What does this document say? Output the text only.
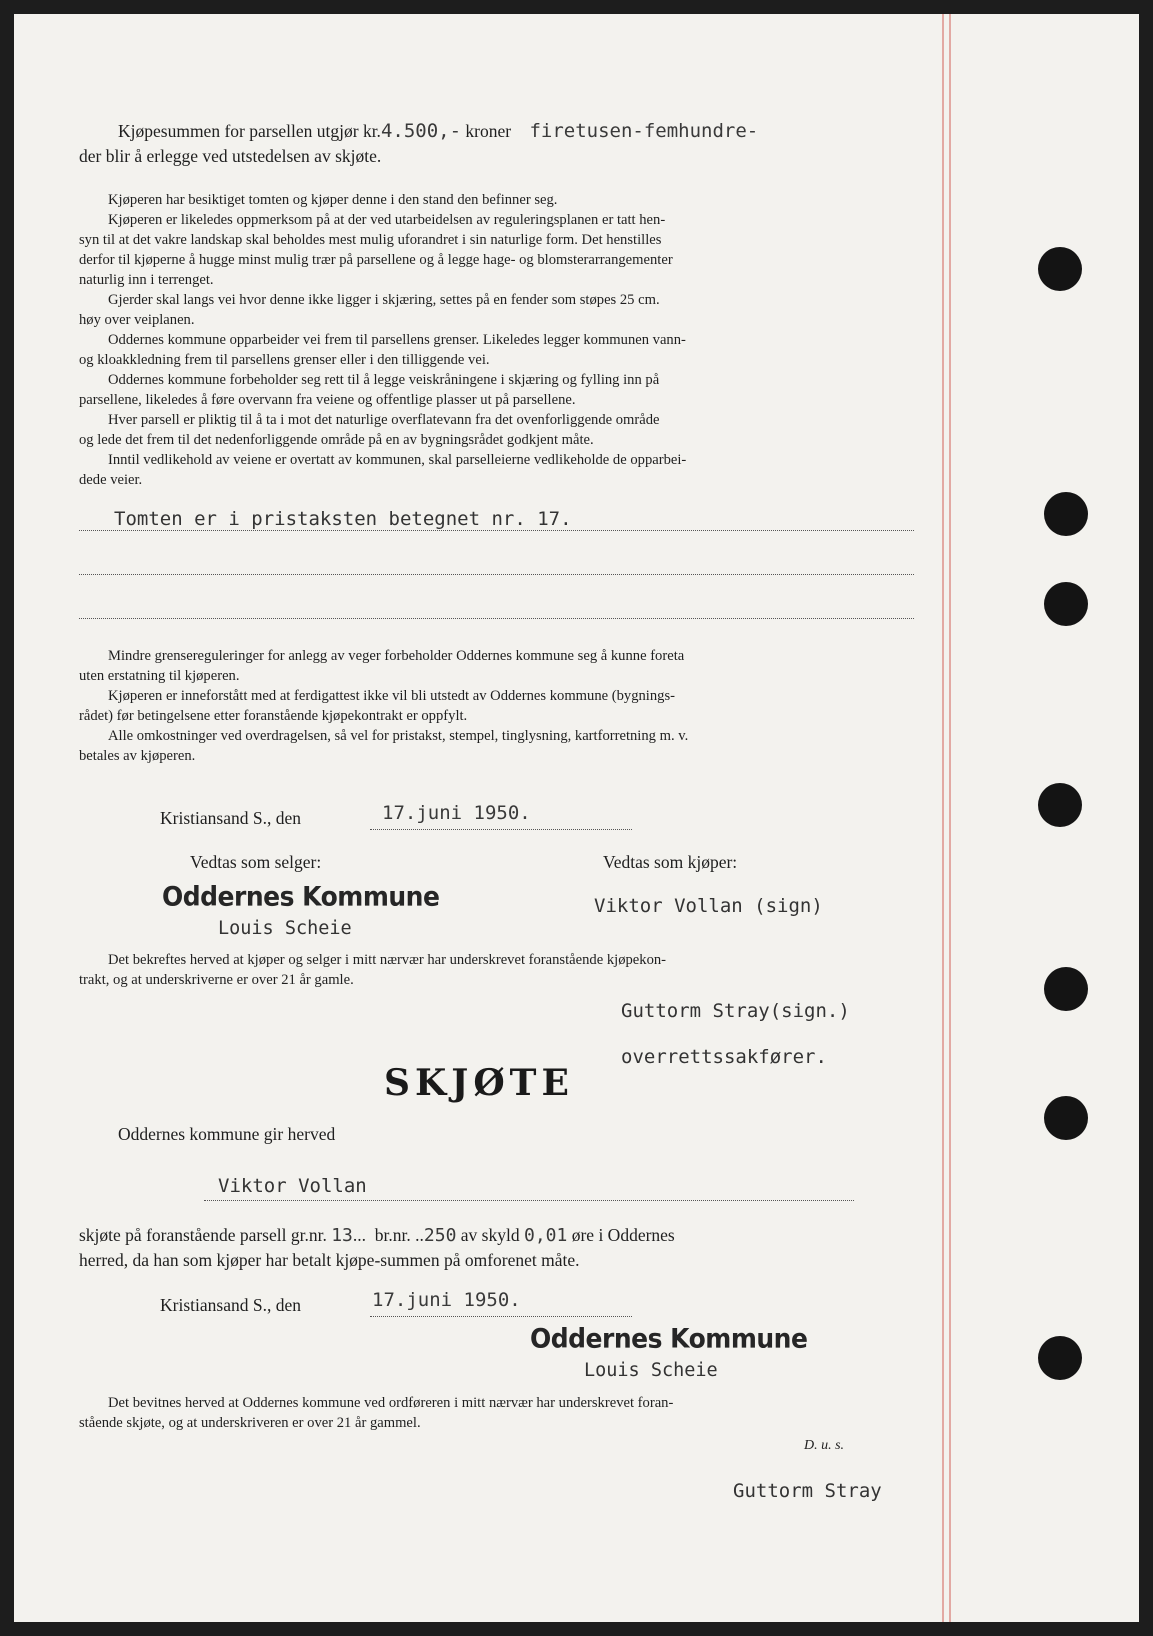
Kjøpesummen for parsellen utgjør kr.4.500,- kroner firetusen-femhundre-
der blir å erlegge ved utstedelsen av skjøte.
Kjøperen har besiktiget tomten og kjøper denne i den stand den befinner seg.
Kjøperen er likeledes oppmerksom på at der ved utarbeidelsen av reguleringsplanen er tatt hen-
syn til at det vakre landskap skal beholdes mest mulig uforandret i sin naturlige form. Det henstilles
derfor til kjøperne å hugge minst mulig trær på parsellene og å legge hage- og blomsterarrangementer
naturlig inn i terrenget.
Gjerder skal langs vei hvor denne ikke ligger i skjæring, settes på en fender som støpes 25 cm.
høy over veiplanen.
Oddernes kommune opparbeider vei frem til parsellens grenser. Likeledes legger kommunen vann-
og kloakkledning frem til parsellens grenser eller i den tilliggende vei.
Oddernes kommune forbeholder seg rett til å legge veiskråningene i skjæring og fylling inn på
parsellene, likeledes å føre overvann fra veiene og offentlige plasser ut på parsellene.
Hver parsell er pliktig til å ta i mot det naturlige overflatevann fra det ovenforliggende område
og lede det frem til det nedenforliggende område på en av bygningsrådet godkjent måte.
Inntil vedlikehold av veiene er overtatt av kommunen, skal parselleierne vedlikeholde de opparbei-
dede veier.
Tomten er i pristaksten betegnet nr. 17.
Mindre grensereguleringer for anlegg av veger forbeholder Oddernes kommune seg å kunne foreta
uten erstatning til kjøperen.
Kjøperen er inneforstått med at ferdigattest ikke vil bli utstedt av Oddernes kommune (bygnings-
rådet) før betingelsene etter foranstående kjøpekontrakt er oppfylt.
Alle omkostninger ved overdragelsen, så vel for pristakst, stempel, tinglysning, kartforretning m. v.
betales av kjøperen.
Kristiansand S., den	17.juni 1950.
Vedtas som selger:
Oddernes Kommune
Louis Scheie
Vedtas som kjøper:
Viktor Vollan (sign)
Det bekreftes herved at kjøper og selger i mitt nærvær har underskrevet foranstående kjøpekon-
trakt, og at underskriverne er over 21 år gamle.
Guttorm Stray(sign.)
overrettssakfører.
SKJØTE
Oddernes kommune gir herved
Viktor Vollan
skjøte på foranstående parsell gr.nr. 13...  br.nr. ..250 av skyld 0,01 øre i Oddernes
herred, da han som kjøper har betalt kjøpe-summen på omforenet måte.
Kristiansand S., den	17.juni 1950.
Oddernes Kommune
Louis Scheie
Det bevitnes herved at Oddernes kommune ved ordføreren i mitt nærvær har underskrevet foran-
stående skjøte, og at underskriveren er over 21 år gammel.
D. u. s.
Guttorm Stray
